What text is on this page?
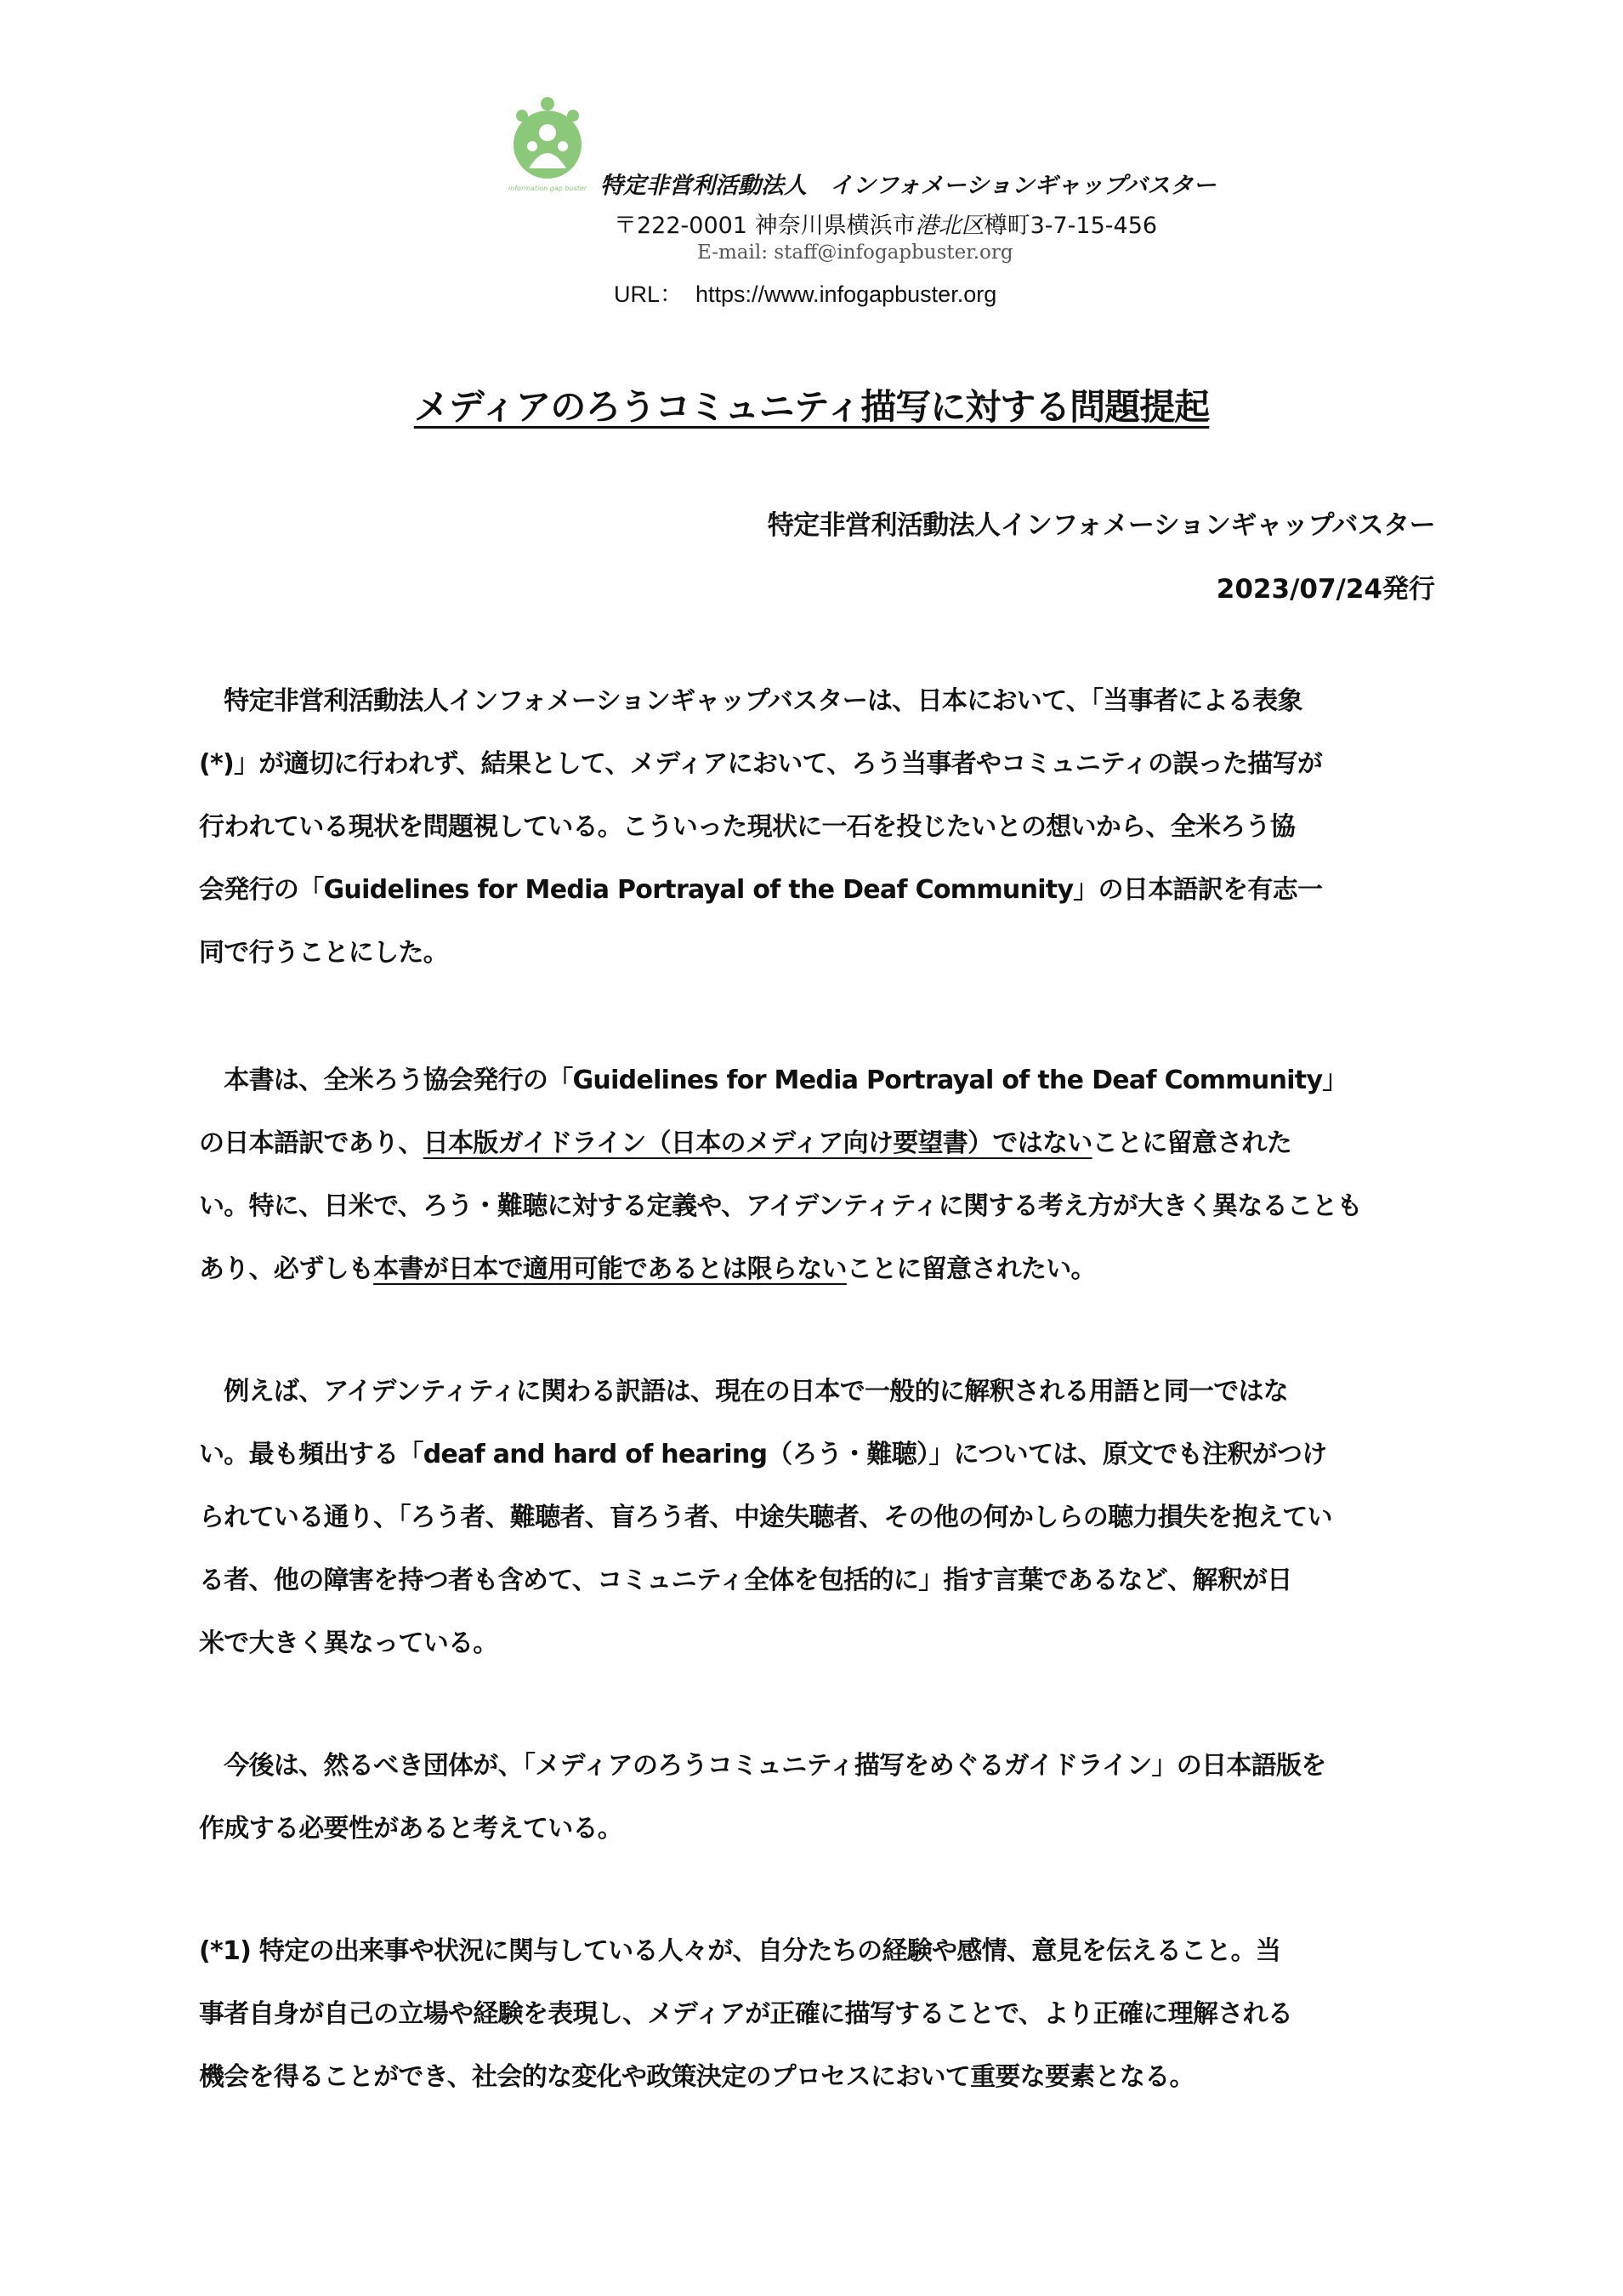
information gap buster 特定非営利活動法人　インフォメーションギャップバスター
〒222-0001 神奈川県横浜市港北区樽町3-7-15-456
E-mail: staff@infogapbuster.org
URL：  https://www.infogapbuster.org
メディアのろうコミュニティ描写に対する問題提起
特定非営利活動法人インフォメーションギャップバスター
2023/07/24発行
　特定非営利活動法人インフォメーションギャップバスターは、日本において、「当事者による表象
(*)」が適切に行われず、結果として、メディアにおいて、ろう当事者やコミュニティの誤った描写が
行われている現状を問題視している。こういった現状に一石を投じたいとの想いから、全米ろう協
会発行の「Guidelines for Media Portrayal of the Deaf Community」の日本語訳を有志一
同で行うことにした。
　本書は、全米ろう協会発行の「Guidelines for Media Portrayal of the Deaf Community」
の日本語訳であり、日本版ガイドライン（日本のメディア向け要望書）ではないことに留意された
い。特に、日米で、ろう・難聴に対する定義や、アイデンティティに関する考え方が大きく異なることも
あり、必ずしも本書が日本で適用可能であるとは限らないことに留意されたい。
　例えば、アイデンティティに関わる訳語は、現在の日本で一般的に解釈される用語と同一ではな
い。最も頻出する「deaf and hard of hearing（ろう・難聴）」については、原文でも注釈がつけ
られている通り、「ろう者、難聴者、盲ろう者、中途失聴者、その他の何かしらの聴力損失を抱えてい
る者、他の障害を持つ者も含めて、コミュニティ全体を包括的に」指す言葉であるなど、解釈が日
米で大きく異なっている。
　今後は、然るべき団体が、「メディアのろうコミュニティ描写をめぐるガイドライン」の日本語版を
作成する必要性があると考えている。
(*1) 特定の出来事や状況に関与している人々が、自分たちの経験や感情、意見を伝えること。当
事者自身が自己の立場や経験を表現し、メディアが正確に描写することで、より正確に理解される
機会を得ることができ、社会的な変化や政策決定のプロセスにおいて重要な要素となる。
